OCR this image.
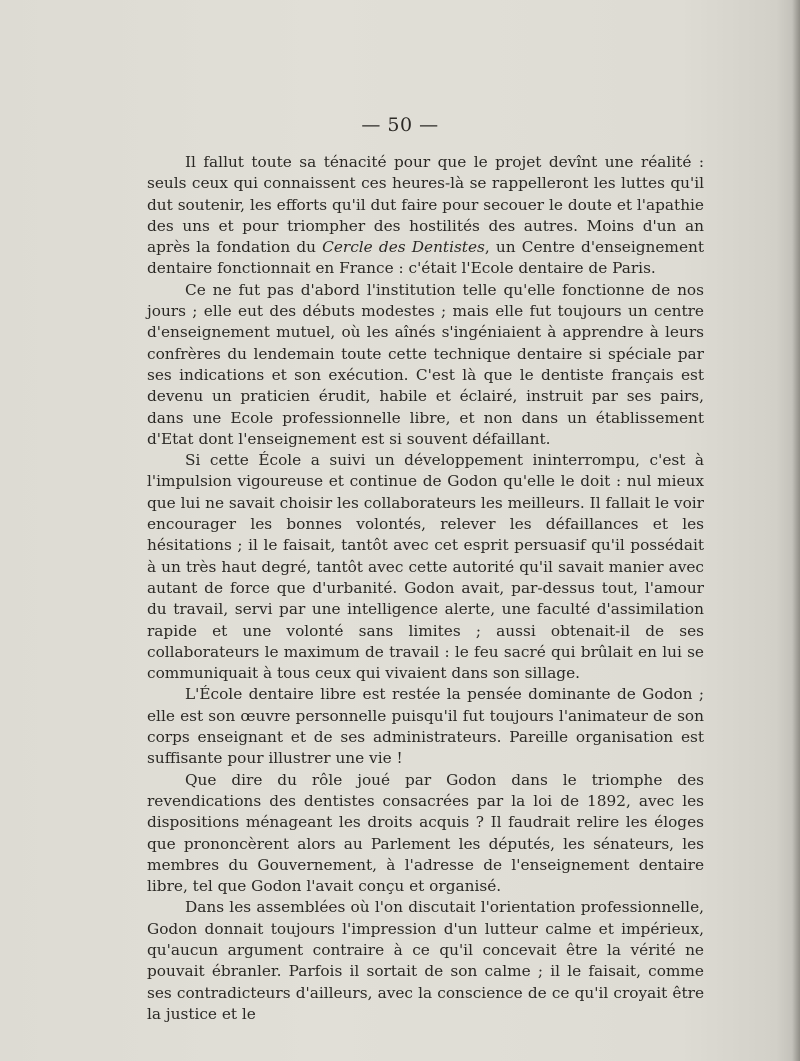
— 50 —

Il fallut toute sa ténacité pour que le projet devînt une réalité : seuls ceux qui connaissent ces heures-là se rappelleront les luttes qu'il dut soutenir, les efforts qu'il dut faire pour secouer le doute et l'apathie des uns et pour triompher des hostilités des autres. Moins d'un an après la fondation du Cercle des Dentistes, un Centre d'enseignement dentaire fonctionnait en France : c'était l'Ecole dentaire de Paris.

Ce ne fut pas d'abord l'institution telle qu'elle fonctionne de nos jours ; elle eut des débuts modestes ; mais elle fut toujours un centre d'enseignement mutuel, où les aînés s'ingéniaient à apprendre à leurs confrères du lendemain toute cette technique dentaire si spéciale par ses indications et son exécution. C'est là que le dentiste français est devenu un praticien érudit, habile et éclairé, instruit par ses pairs, dans une Ecole professionnelle libre, et non dans un établissement d'Etat dont l'enseignement est si souvent défaillant.

Si cette École a suivi un développement ininterrompu, c'est à l'impulsion vigoureuse et continue de Godon qu'elle le doit : nul mieux que lui ne savait choisir les collaborateurs les meilleurs. Il fallait le voir encourager les bonnes volontés, relever les défaillances et les hésitations ; il le faisait, tantôt avec cet esprit persuasif qu'il possédait à un très haut degré, tantôt avec cette autorité qu'il savait manier avec autant de force que d'urbanité. Godon avait, par-dessus tout, l'amour du travail, servi par une intelligence alerte, une faculté d'assimilation rapide et une volonté sans limites ; aussi obtenait-il de ses collaborateurs le maximum de travail : le feu sacré qui brûlait en lui se communiquait à tous ceux qui vivaient dans son sillage.

L'École dentaire libre est restée la pensée dominante de Godon ; elle est son œuvre personnelle puisqu'il fut toujours l'animateur de son corps enseignant et de ses administrateurs. Pareille organisation est suffisante pour illustrer une vie !

Que dire du rôle joué par Godon dans le triomphe des revendications des dentistes consacrées par la loi de 1892, avec les dispositions ménageant les droits acquis ? Il faudrait relire les éloges que prononcèrent alors au Parlement les députés, les sénateurs, les membres du Gouvernement, à l'adresse de l'enseignement dentaire libre, tel que Godon l'avait conçu et organisé.

Dans les assemblées où l'on discutait l'orientation professionnelle, Godon donnait toujours l'impression d'un lutteur calme et impérieux, qu'aucun argument contraire à ce qu'il concevait être la vérité ne pouvait ébranler. Parfois il sortait de son calme ; il le faisait, comme ses contradicteurs d'ailleurs, avec la conscience de ce qu'il croyait être la justice et le
